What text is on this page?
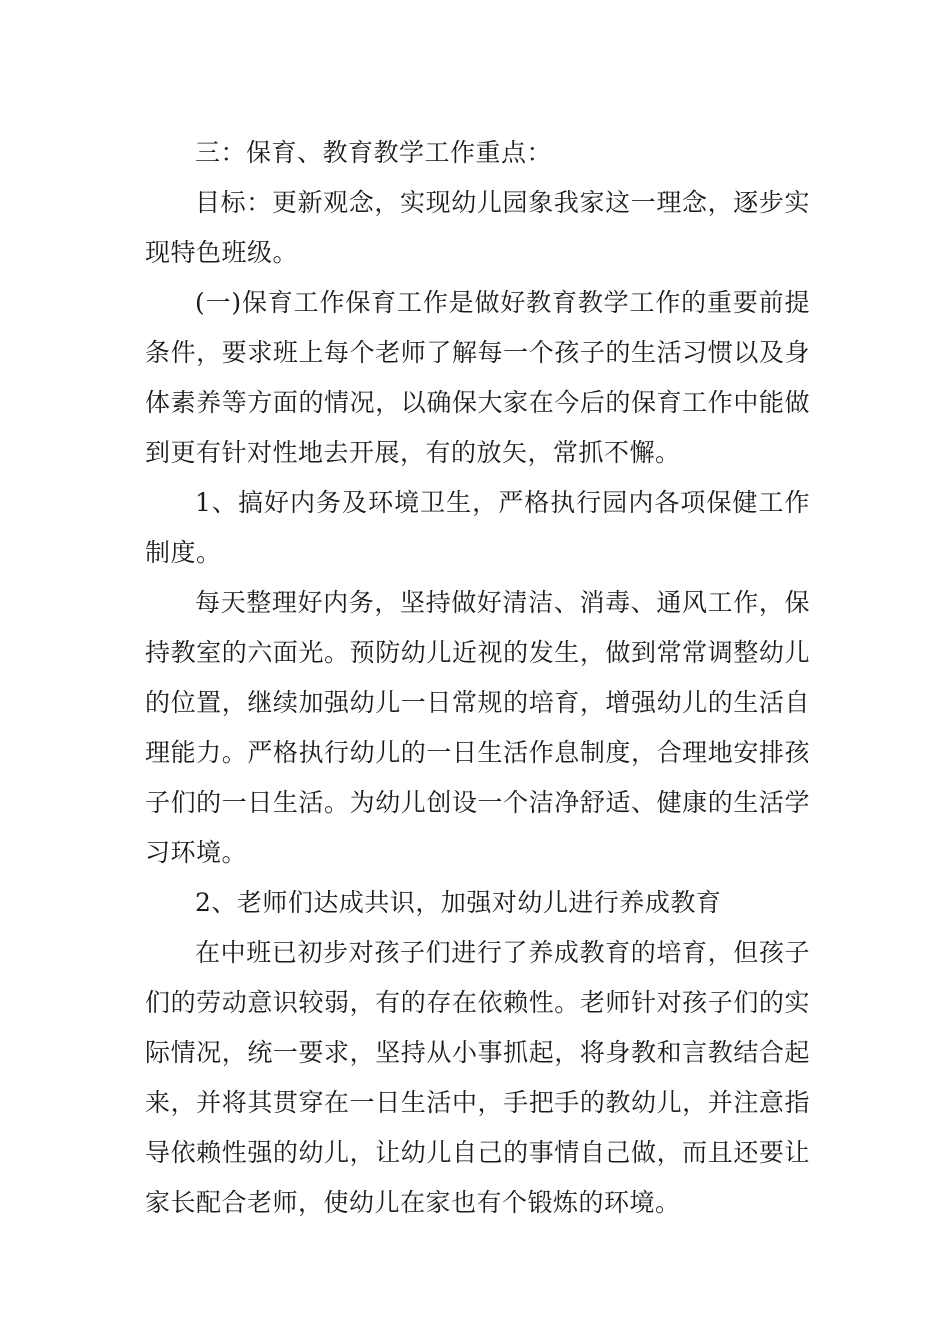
三：保育、教育教学工作重点：

目标：更新观念，实现幼儿园象我家这一理念，逐步实现特色班级。

(一)保育工作保育工作是做好教育教学工作的重要前提条件，要求班上每个老师了解每一个孩子的生活习惯以及身体素养等方面的情况，以确保大家在今后的保育工作中能做到更有针对性地去开展，有的放矢，常抓不懈。

1、搞好内务及环境卫生，严格执行园内各项保健工作制度。

每天整理好内务，坚持做好清洁、消毒、通风工作，保持教室的六面光。预防幼儿近视的发生，做到常常调整幼儿的位置，继续加强幼儿一日常规的培育，增强幼儿的生活自理能力。严格执行幼儿的一日生活作息制度，合理地安排孩子们的一日生活。为幼儿创设一个洁净舒适、健康的生活学习环境。

2、老师们达成共识，加强对幼儿进行养成教育

在中班已初步对孩子们进行了养成教育的培育，但孩子们的劳动意识较弱，有的存在依赖性。老师针对孩子们的实际情况，统一要求，坚持从小事抓起，将身教和言教结合起来，并将其贯穿在一日生活中，手把手的教幼儿，并注意指导依赖性强的幼儿，让幼儿自己的事情自己做，而且还要让家长配合老师，使幼儿在家也有个锻炼的环境。
